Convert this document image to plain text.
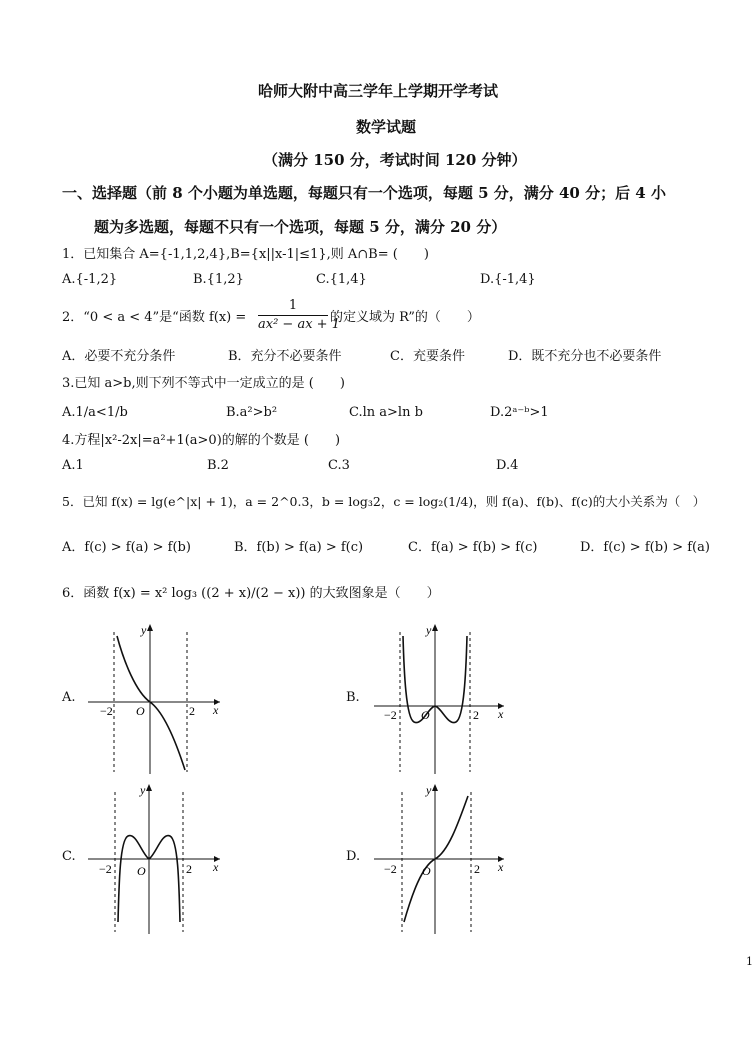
哈师大附中高三学年上学期开学考试
数学试题
（满分 150 分，考试时间 120 分钟）
一、选择题（前 8 个小题为单选题，每题只有一个选项，每题 5 分，满分 40 分；后 4 小
题为多选题，每题不只有一个选项，每题 5 分，满分 20 分）
1．已知集合 A={-1,1,2,4},B={x||x-1|≤1},则 A∩B= (　　)
A.{-1,2}	B.{1,2}	C.{1,4}	D.{-1,4}
2．“0 < a < 4”是“函数 f(x) =
1
ax² − ax + 1
的定义域为 R”的（　　）
A．必要不充分条件	B．充分不必要条件	C．充要条件	D．既不充分也不必要条件
3.已知 a>b,则下列不等式中一定成立的是 (　　)
A.1/a<1/b	B.a²>b²	C.ln a>ln b	D.2ᵃ⁻ᵇ>1
4.方程|x²-2x|=a²+1(a>0)的解的个数是 (　　)
A.1	B.2	C.3	D.4
5．已知 f(x) = lg(e^|x| + 1)，a = 2^0.3，b = log₃2，c = log₂(1/4)，则 f(a)、f(b)、f(c)的大小关系为（　）
A．f(c) > f(a) > f(b)	B．f(b) > f(a) > f(c)	C．f(a) > f(b) > f(c)	D．f(c) > f(b) > f(a)
6．函数 f(x) = x² log₃ ((2 + x)/(2 − x)) 的大致图象是（　　）
A.	B.
C.	D.
−2	2
O	x
y
−2	2
O	x
y
−2	2
O	x
y
−2	2
O	x
y
1
